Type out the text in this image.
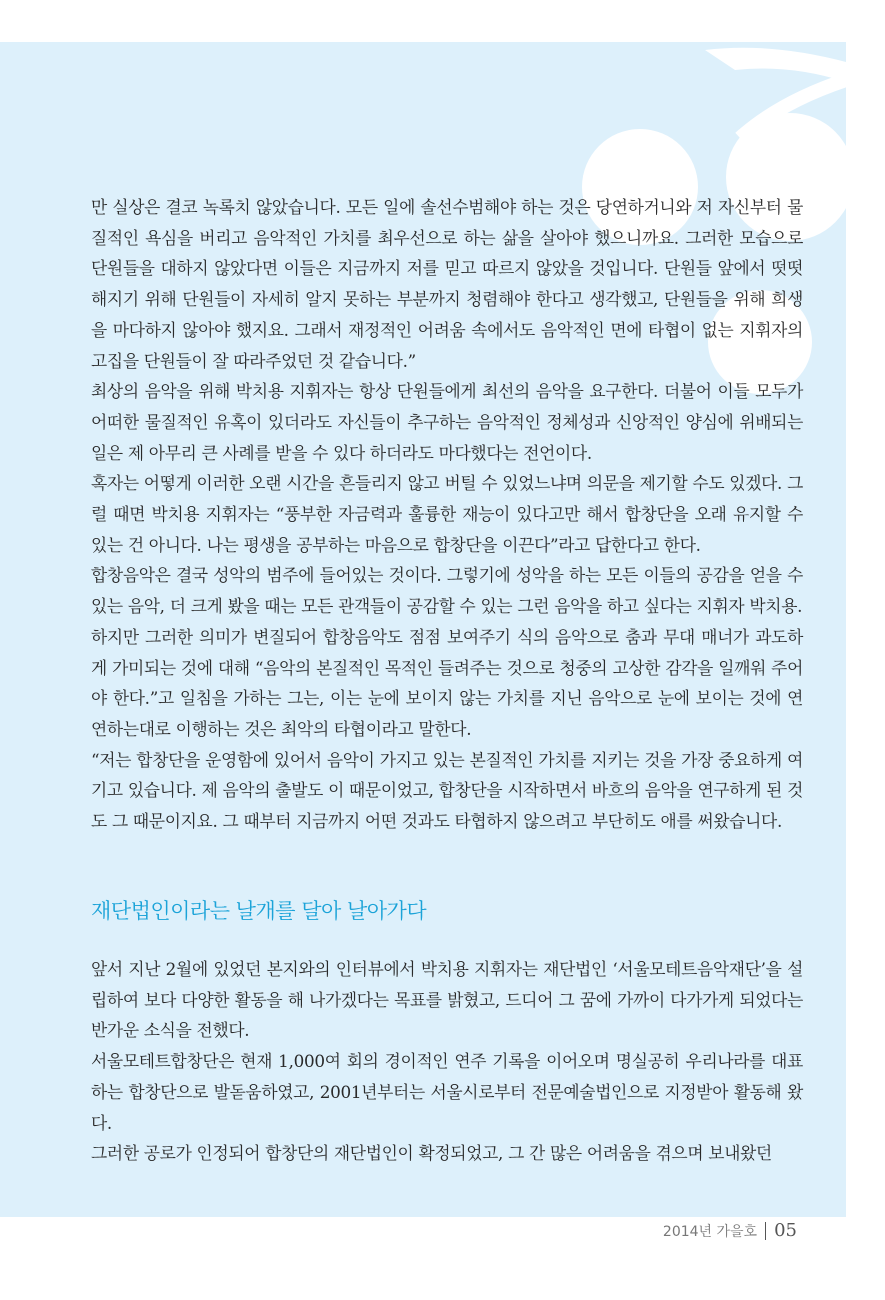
만 실상은 결코 녹록치 않았습니다. 모든 일에 솔선수범해야 하는 것은 당연하거니와 저 자신부터 물질적인 욕심을 버리고 음악적인 가치를 최우선으로 하는 삶을 살아야 했으니까요. 그러한 모습으로 단원들을 대하지 않았다면 이들은 지금까지 저를 믿고 따르지 않았을 것입니다. 단원들 앞에서 떳떳해지기 위해 단원들이 자세히 알지 못하는 부분까지 청렴해야 한다고 생각했고, 단원들을 위해 희생을 마다하지 않아야 했지요. 그래서 재정적인 어려움 속에서도 음악적인 면에 타협이 없는 지휘자의 고집을 단원들이 잘 따라주었던 것 같습니다.”

최상의 음악을 위해 박치용 지휘자는 항상 단원들에게 최선의 음악을 요구한다. 더불어 이들 모두가 어떠한 물질적인 유혹이 있더라도 자신들이 추구하는 음악적인 정체성과 신앙적인 양심에 위배되는 일은 제 아무리 큰 사례를 받을 수 있다 하더라도 마다했다는 전언이다.

혹자는 어떻게 이러한 오랜 시간을 흔들리지 않고 버틸 수 있었느냐며 의문을 제기할 수도 있겠다. 그럴 때면 박치용 지휘자는 “풍부한 자금력과 훌륭한 재능이 있다고만 해서 합창단을 오래 유지할 수 있는 건 아니다. 나는 평생을 공부하는 마음으로 합창단을 이끈다”라고 답한다고 한다.

합창음악은 결국 성악의 범주에 들어있는 것이다. 그렇기에 성악을 하는 모든 이들의 공감을 얻을 수 있는 음악, 더 크게 봤을 때는 모든 관객들이 공감할 수 있는 그런 음악을 하고 싶다는 지휘자 박치용.

하지만 그러한 의미가 변질되어 합창음악도 점점 보여주기 식의 음악으로 춤과 무대 매너가 과도하게 가미되는 것에 대해 “음악의 본질적인 목적인 들려주는 것으로 청중의 고상한 감각을 일깨워 주어야 한다.”고 일침을 가하는 그는, 이는 눈에 보이지 않는 가치를 지닌 음악으로 눈에 보이는 것에 연연하는대로 이행하는 것은 최악의 타협이라고 말한다.

“저는 합창단을 운영함에 있어서 음악이 가지고 있는 본질적인 가치를 지키는 것을 가장 중요하게 여기고 있습니다. 제 음악의 출발도 이 때문이었고, 합창단을 시작하면서 바흐의 음악을 연구하게 된 것도 그 때문이지요. 그 때부터 지금까지 어떤 것과도 타협하지 않으려고 부단히도 애를 써왔습니다.

재단법인이라는 날개를 달아 날아가다

앞서 지난 2월에 있었던 본지와의 인터뷰에서 박치용 지휘자는 재단법인 ‘서울모테트음악재단’을 설립하여 보다 다양한 활동을 해 나가겠다는 목표를 밝혔고, 드디어 그 꿈에 가까이 다가가게 되었다는 반가운 소식을 전했다.

서울모테트합창단은 현재 1,000여 회의 경이적인 연주 기록을 이어오며 명실공히 우리나라를 대표하는 합창단으로 발돋움하였고, 2001년부터는 서울시로부터 전문예술법인으로 지정받아 활동해 왔다.

그러한 공로가 인정되어 합창단의 재단법인이 확정되었고, 그 간 많은 어려움을 겪으며 보내왔던

2014년 가을호 05
